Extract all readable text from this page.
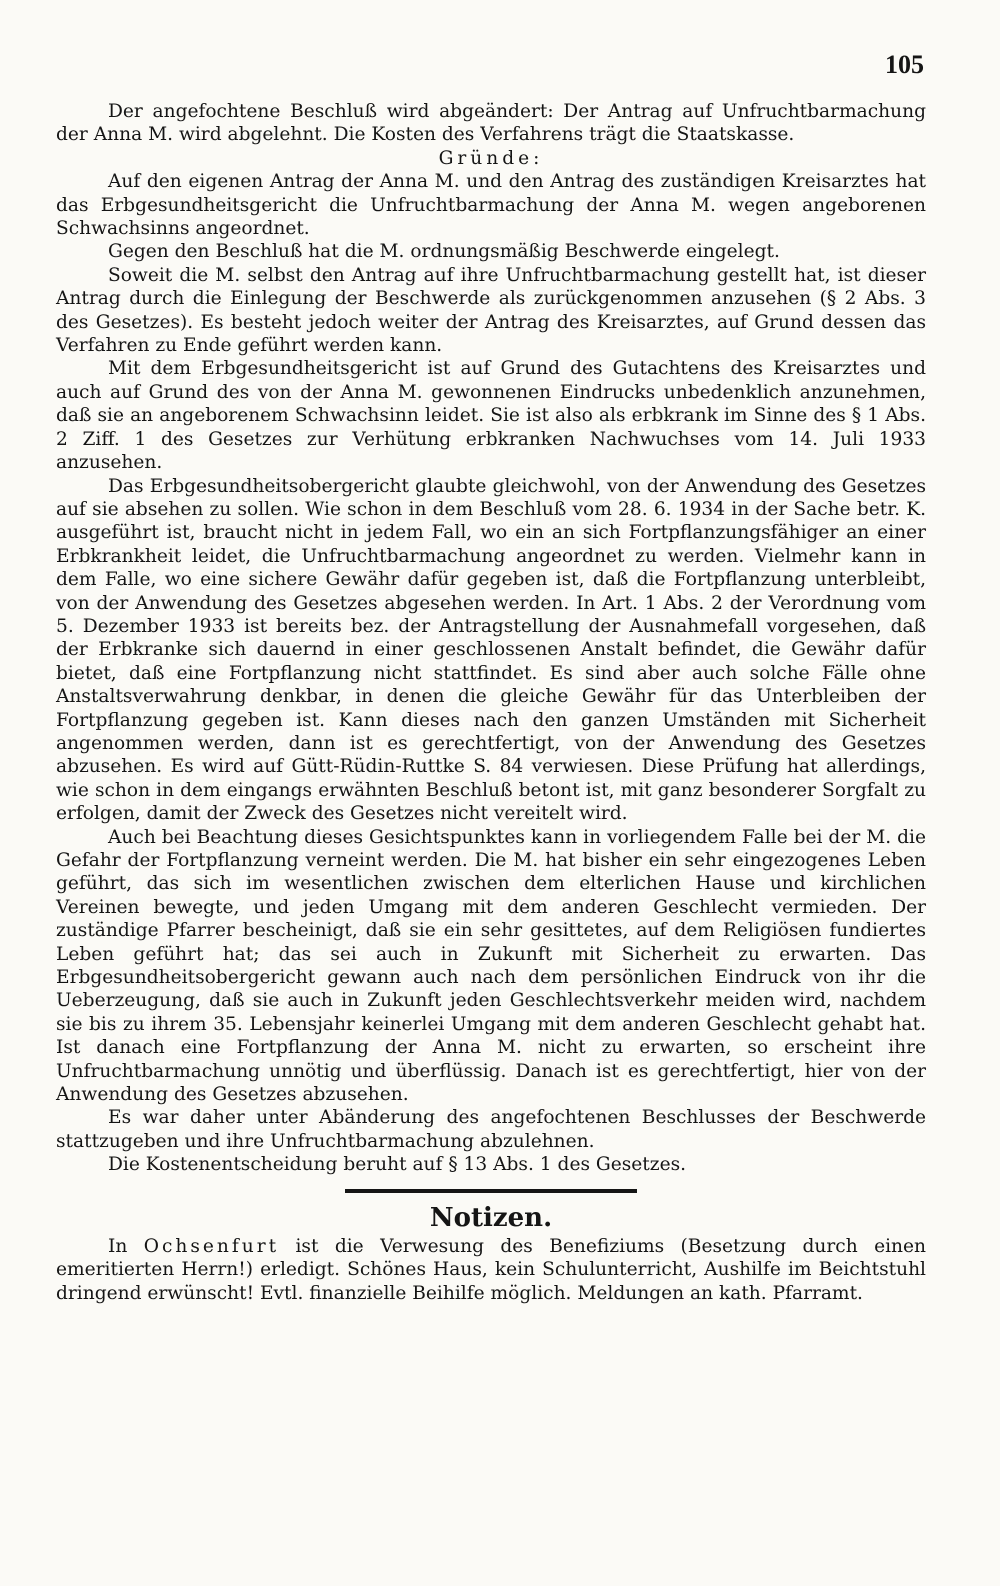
105

Der angefochtene Beschluß wird abgeändert: Der Antrag auf Unfruchtbarmachung der Anna M. wird abgelehnt. Die Kosten des Verfahrens trägt die Staatskasse.

Gründe:

Auf den eigenen Antrag der Anna M. und den Antrag des zuständigen Kreisarztes hat das Erbgesundheitsgericht die Unfruchtbarmachung der Anna M. wegen angeborenen Schwachsinns angeordnet.

Gegen den Beschluß hat die M. ordnungsmäßig Beschwerde eingelegt.

Soweit die M. selbst den Antrag auf ihre Unfruchtbarmachung gestellt hat, ist dieser Antrag durch die Einlegung der Beschwerde als zurückgenommen anzusehen (§ 2 Abs. 3 des Gesetzes). Es besteht jedoch weiter der Antrag des Kreisarztes, auf Grund dessen das Verfahren zu Ende geführt werden kann.

Mit dem Erbgesundheitsgericht ist auf Grund des Gutachtens des Kreisarztes und auch auf Grund des von der Anna M. gewonnenen Eindrucks unbedenklich anzunehmen, daß sie an angeborenem Schwachsinn leidet. Sie ist also als erbkrank im Sinne des § 1 Abs. 2 Ziff. 1 des Gesetzes zur Verhütung erbkranken Nachwuchses vom 14. Juli 1933 anzusehen.

Das Erbgesundheitsobergericht glaubte gleichwohl, von der Anwendung des Gesetzes auf sie absehen zu sollen. Wie schon in dem Beschluß vom 28. 6. 1934 in der Sache betr. K. ausgeführt ist, braucht nicht in jedem Fall, wo ein an sich Fortpflanzungsfähiger an einer Erbkrankheit leidet, die Unfruchtbarmachung angeordnet zu werden. Vielmehr kann in dem Falle, wo eine sichere Gewähr dafür gegeben ist, daß die Fortpflanzung unterbleibt, von der Anwendung des Gesetzes abgesehen werden. In Art. 1 Abs. 2 der Verordnung vom 5. Dezember 1933 ist bereits bez. der Antragstellung der Ausnahmefall vorgesehen, daß der Erbkranke sich dauernd in einer geschlossenen Anstalt befindet, die Gewähr dafür bietet, daß eine Fortpflanzung nicht stattfindet. Es sind aber auch solche Fälle ohne Anstaltsverwahrung denkbar, in denen die gleiche Gewähr für das Unterbleiben der Fortpflanzung gegeben ist. Kann dieses nach den ganzen Umständen mit Sicherheit angenommen werden, dann ist es gerechtfertigt, von der Anwendung des Gesetzes abzusehen. Es wird auf Gütt-Rüdin-Ruttke S. 84 verwiesen. Diese Prüfung hat allerdings, wie schon in dem eingangs erwähnten Beschluß betont ist, mit ganz besonderer Sorgfalt zu erfolgen, damit der Zweck des Gesetzes nicht vereitelt wird.

Auch bei Beachtung dieses Gesichtspunktes kann in vorliegendem Falle bei der M. die Gefahr der Fortpflanzung verneint werden. Die M. hat bisher ein sehr eingezogenes Leben geführt, das sich im wesentlichen zwischen dem elterlichen Hause und kirchlichen Vereinen bewegte, und jeden Umgang mit dem anderen Geschlecht vermieden. Der zuständige Pfarrer bescheinigt, daß sie ein sehr gesittetes, auf dem Religiösen fundiertes Leben geführt hat; das sei auch in Zukunft mit Sicherheit zu erwarten. Das Erbgesundheitsobergericht gewann auch nach dem persönlichen Eindruck von ihr die Ueberzeugung, daß sie auch in Zukunft jeden Geschlechtsverkehr meiden wird, nachdem sie bis zu ihrem 35. Lebensjahr keinerlei Umgang mit dem anderen Geschlecht gehabt hat. Ist danach eine Fortpflanzung der Anna M. nicht zu erwarten, so erscheint ihre Unfruchtbarmachung unnötig und überflüssig. Danach ist es gerechtfertigt, hier von der Anwendung des Gesetzes abzusehen.

Es war daher unter Abänderung des angefochtenen Beschlusses der Beschwerde stattzugeben und ihre Unfruchtbarmachung abzulehnen.

Die Kostenentscheidung beruht auf § 13 Abs. 1 des Gesetzes.

Notizen.

In Ochsenfurt ist die Verwesung des Benefiziums (Besetzung durch einen emeritierten Herrn!) erledigt. Schönes Haus, kein Schulunterricht, Aushilfe im Beichtstuhl dringend erwünscht! Evtl. finanzielle Beihilfe möglich. Meldungen an kath. Pfarramt.
